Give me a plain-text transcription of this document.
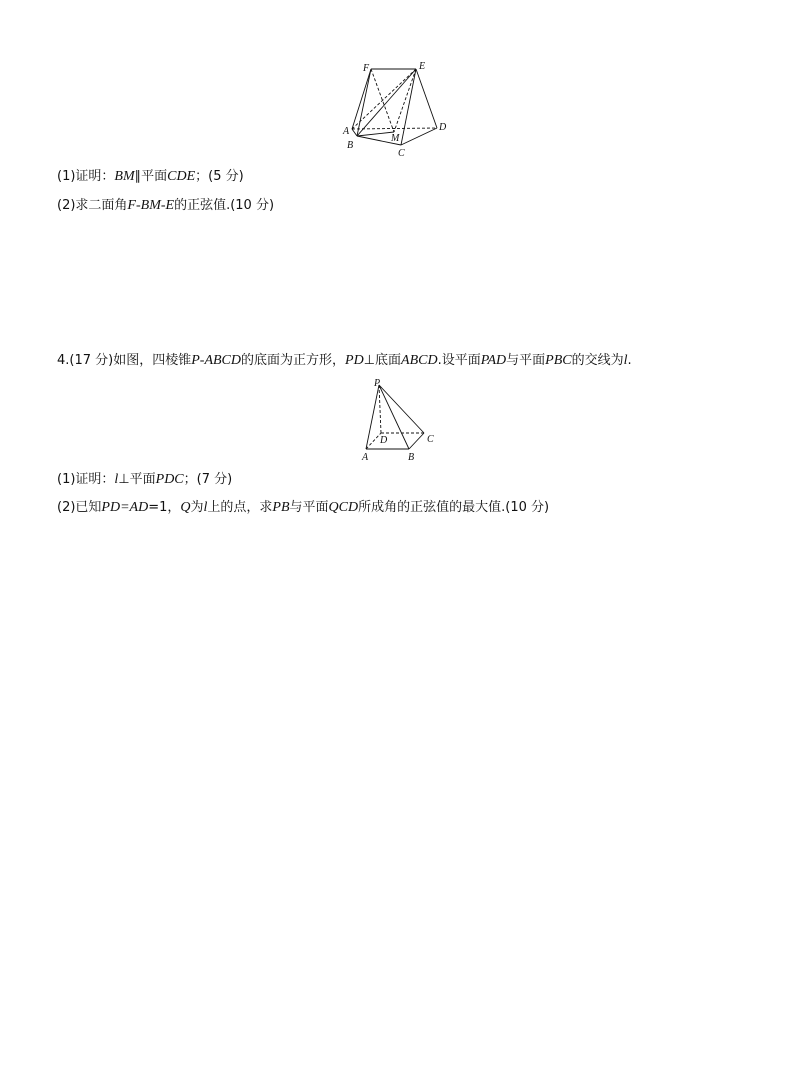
F	E
A
B
M
C
D
(1)证明：BM∥平面CDE；(5 分)
(2)求二面角F-BM-E的正弦值.(10 分)
4.(17 分)如图，四棱锥P-ABCD的底面为正方形，PD⊥底面ABCD.设平面PAD与平面PBC的交线为l.
P
D	C
A	B
(1)证明：l⊥平面PDC；(7 分)
(2)已知PD=AD=1，Q为l上的点，求PB与平面QCD所成角的正弦值的最大值.(10 分)
